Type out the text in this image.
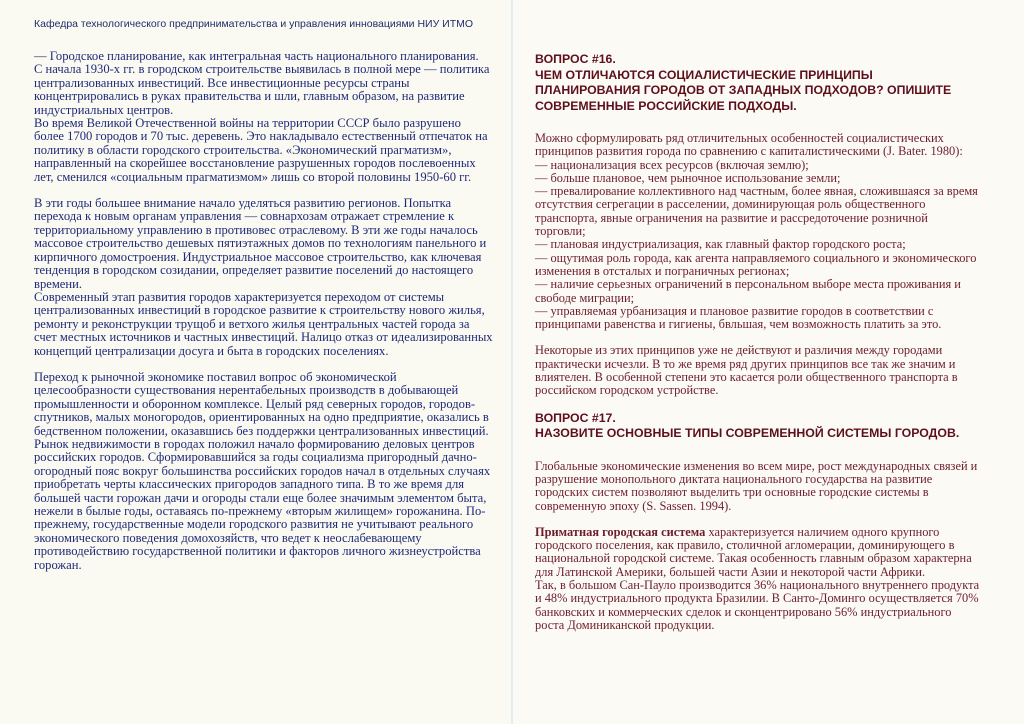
Кафедра технологического предпринимательства и управления инновациями НИУ ИТМО

— Городское планирование, как интегральная часть национального планирования.

С начала 1930-х гг. в городском строительстве выявилась в полной мере — политика централизованных инвестиций. Все инвестиционные ресурсы страны концентрировались в руках правительства и шли, главным образом, на развитие индустриальных центров.

Во время Великой Отечественной войны на территории СССР было разрушено более 1700 городов и 70 тыс. деревень. Это накладывало естественный отпечаток на политику в области городского строительства. «Экономический прагматизм», направленный на скорейшее восстановление разрушенных городов послевоенных лет, сменился «социальным прагматизмом» лишь со второй половины 1950-60 гг.

В эти годы большее внимание начало уделяться развитию регионов. Попытка перехода к новым органам управления — совнархозам отражает стремление к территориальному управлению в противовес отраслевому. В эти же годы началось массовое строительство дешевых пятиэтажных домов по технологиям панельного и кирпичного домостроения. Индустриальное массовое строительство, как ключевая тенденция в городском созидании, определяет развитие поселений до настоящего времени.

Современный этап развития городов характеризуется переходом от системы централизованных инвестиций в городское развитие к строительству нового жилья, ремонту и реконструкции трущоб и ветхого жилья центральных частей города за счет местных источников и частных инвестиций. Налицо отказ от идеализированных концепций централизации досуга и быта в городских поселениях.

Переход к рыночной экономике поставил вопрос об экономической целесообразности существования нерентабельных производств в добывающей промышленности и оборонном комплексе. Целый ряд северных городов, городов-спутников, малых моногородов, ориентированных на одно предприятие, оказались в бедственном положении, оказавшись без поддержки централизованных инвестиций.

Рынок недвижимости в городах положил начало формированию деловых центров российских городов. Сформировавшийся за годы социализма пригородный дачно-огородный пояс вокруг большинства российских городов начал в отдельных случаях приобретать черты классических пригородов западного типа. В то же время для большей части горожан дачи и огороды стали еще более значимым элементом быта, нежели в былые годы, оставаясь по-прежнему «вторым жилищем» горожанина. По-прежнему, государственные модели городского развития не учитывают реального экономического поведения домохозяйств, что ведет к неослабевающему противодействию государственной политики и факторов личного жизнеустройства горожан.

ВОПРОС #16.

ЧЕМ ОТЛИЧАЮТСЯ СОЦИАЛИСТИЧЕСКИЕ ПРИНЦИПЫ ПЛАНИРОВАНИЯ ГОРОДОВ ОТ ЗАПАДНЫХ ПОДХОДОВ? ОПИШИТЕ СОВРЕМЕННЫЕ РОССИЙСКИЕ ПОДХОДЫ.

Можно сформулировать ряд отличительных особенностей социалистических принципов развития города по сравнению с капиталистическими (J. Bater. 1980):

— национализация всех ресурсов (включая землю);

— больше плановое, чем рыночное использование земли;

— превалирование коллективного над частным, более явная, сложившаяся за время отсутствия сегрегации в расселении, доминирующая роль общественного транспорта, явные ограничения на развитие и рассредоточение розничной торговли;

— плановая индустриализация, как главный фактор городского роста;

— ощутимая роль города, как агента направляемого социального и экономического изменения в отсталых и пограничных регионах;

— наличие серьезных ограничений в персональном выборе места проживания и свободе миграции;

— управляемая урбанизация и плановое развитие городов в соответствии с принципами равенства и гигиены, бвльшая, чем возможность платить за это.

Некоторые из этих принципов уже не действуют и различия между городами практически исчезли. В то же время ряд других принципов все так же значим и влиятелен. В особенной степени это касается роли общественного транспорта в российском городском устройстве.

ВОПРОС #17.

НАЗОВИТЕ ОСНОВНЫЕ ТИПЫ СОВРЕМЕННОЙ СИСТЕМЫ ГОРОДОВ.

Глобальные экономические изменения во всем мире, рост международных связей и разрушение монопольного диктата национального государства на развитие городских систем позволяют выделить три основные городские системы в современную эпоху (S. Sassen. 1994).

Приматная городская система характеризуется наличием одного крупного городского поселения, как правило, столичной агломерации, доминирующего в национальной городской системе. Такая особенность главным образом характерна для Латинской Америки, большей части Азии и некоторой части Африки.

Так, в большом Сан-Паулo производится 36% национального внутреннего продукта и 48% индустриального продукта Бразилии. В Санто-Доминго осуществляется 70% банковских и коммерческих сделок и сконцентрировано 56% индустриального роста Доминиканской продукции.
